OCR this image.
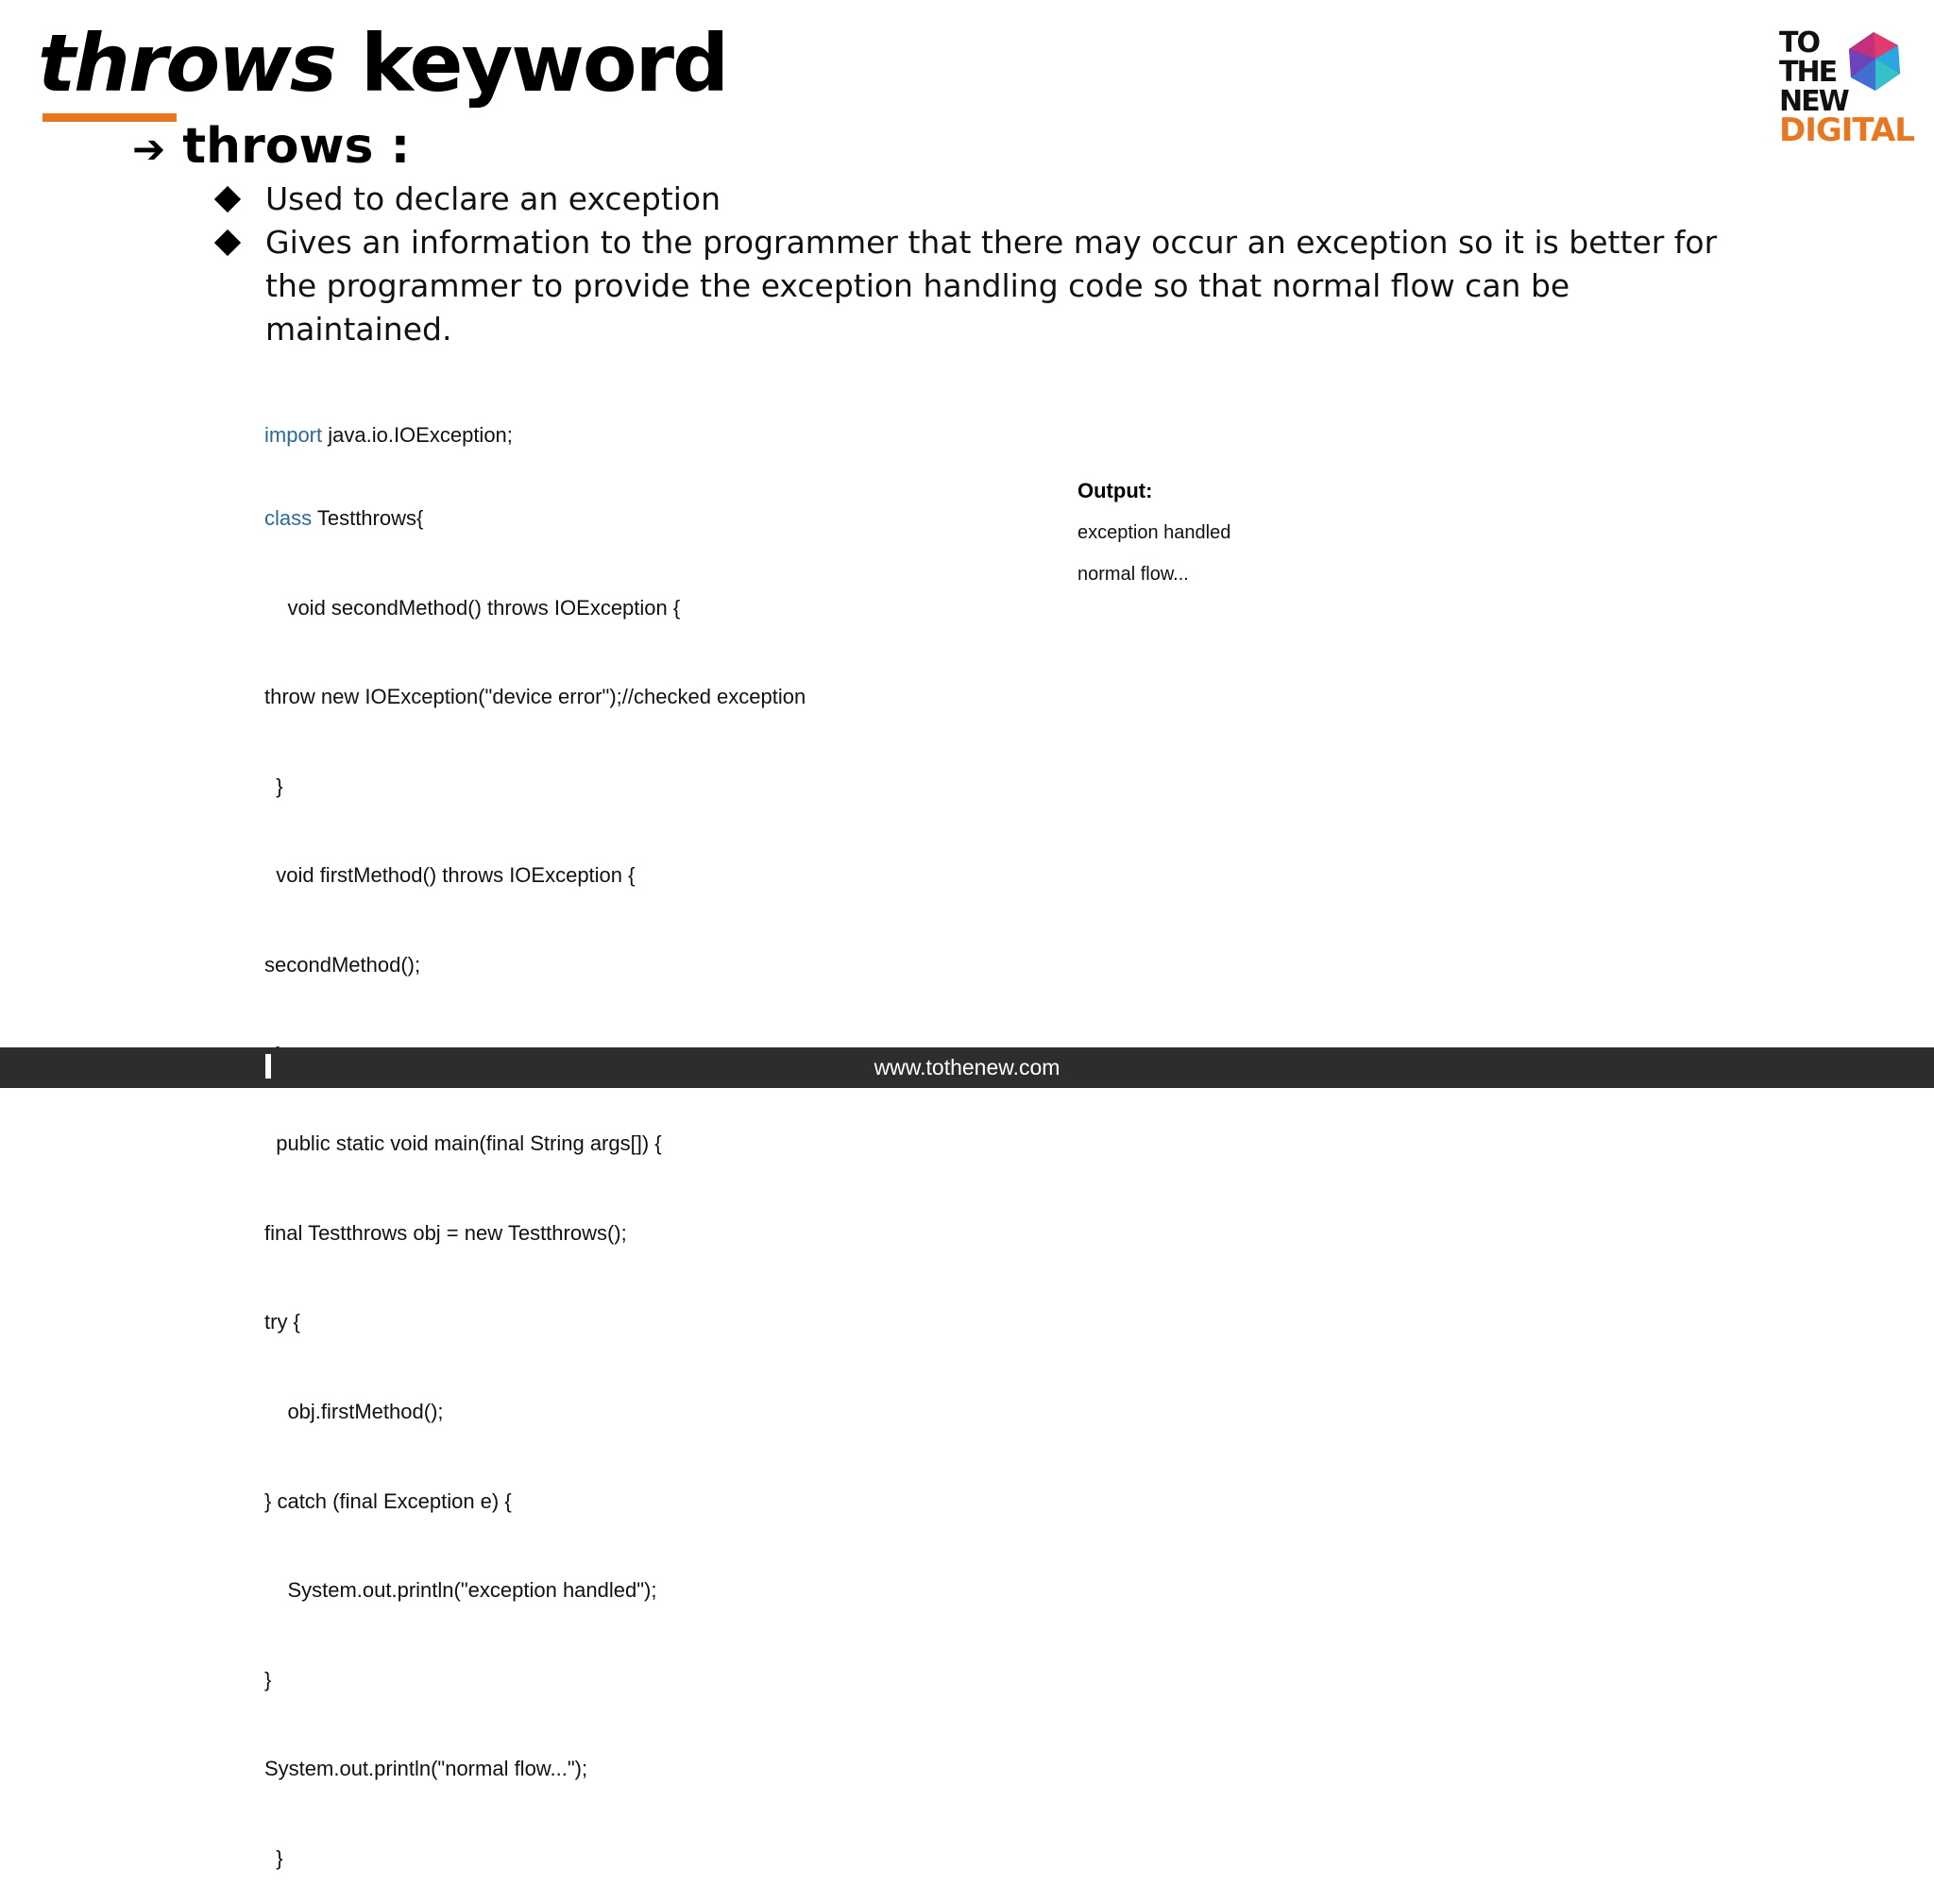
throws keyword	TO
THE
NEW
DIGITAL
➔ throws :
Used to declare an exception
Gives an information to the programmer that there may occur an exception so it is better for the programmer to provide the exception handling code so that normal flow can be maintained.

import java.io.IOException;

class Testthrows{

void secondMethod() throws IOException {

throw new IOException("device error");//checked exception

}

void firstMethod() throws IOException {

secondMethod();

public static void main(final String args[]) {

final Testthrows obj = new Testthrows();

try {

obj.firstMethod();

} catch (final Exception e) {

System.out.println("exception handled");

}

System.out.println("normal flow...");

}

Output:
exception handled
normal flow...
www.tothenew.com
